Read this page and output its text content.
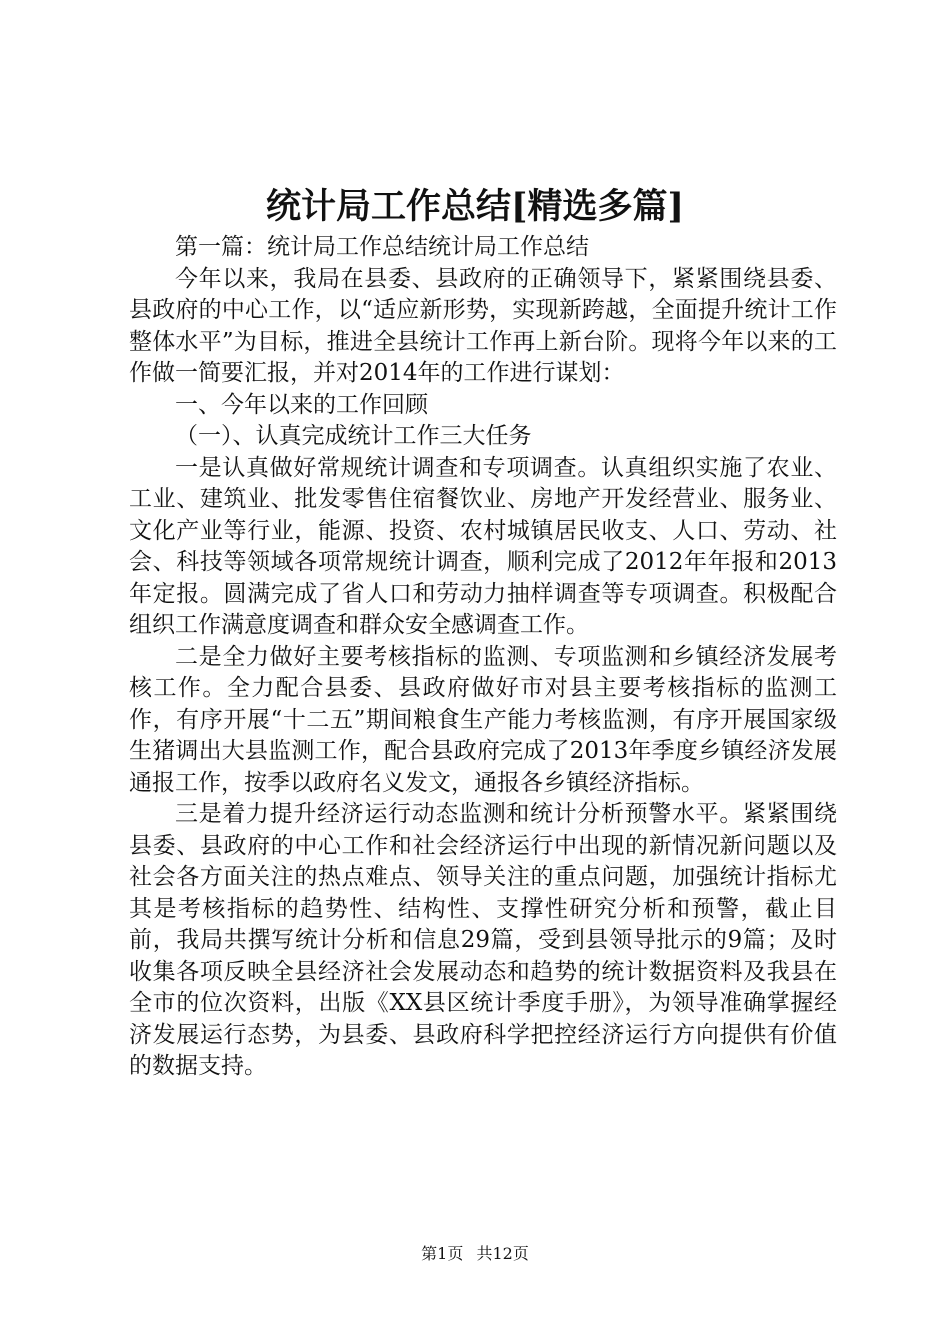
统计局工作总结[精选多篇]

第一篇：统计局工作总结统计局工作总结

今年以来，我局在县委、县政府的正确领导下，紧紧围绕县委、县政府的中心工作，以“适应新形势，实现新跨越，全面提升统计工作整体水平”为目标，推进全县统计工作再上新台阶。现将今年以来的工作做一简要汇报，并对2014年的工作进行谋划：

一、今年以来的工作回顾

（一）、认真完成统计工作三大任务

一是认真做好常规统计调查和专项调查。认真组织实施了农业、工业、建筑业、批发零售住宿餐饮业、房地产开发经营业、服务业、文化产业等行业，能源、投资、农村城镇居民收支、人口、劳动、社会、科技等领域各项常规统计调查，顺利完成了2012年年报和2013年定报。圆满完成了省人口和劳动力抽样调查等专项调查。积极配合组织工作满意度调查和群众安全感调查工作。

二是全力做好主要考核指标的监测、专项监测和乡镇经济发展考核工作。全力配合县委、县政府做好市对县主要考核指标的监测工作，有序开展“十二五”期间粮食生产能力考核监测，有序开展国家级生猪调出大县监测工作，配合县政府完成了2013年季度乡镇经济发展通报工作，按季以政府名义发文，通报各乡镇经济指标。

三是着力提升经济运行动态监测和统计分析预警水平。紧紧围绕县委、县政府的中心工作和社会经济运行中出现的新情况新问题以及社会各方面关注的热点难点、领导关注的重点问题，加强统计指标尤其是考核指标的趋势性、结构性、支撑性研究分析和预警，截止目前，我局共撰写统计分析和信息29篇，受到县领导批示的9篇；及时收集各项反映全县经济社会发展动态和趋势的统计数据资料及我县在全市的位次资料，出版《XX县区统计季度手册》，为领导准确掌握经济发展运行态势，为县委、县政府科学把控经济运行方向提供有价值的数据支持。

第1页 共12页
